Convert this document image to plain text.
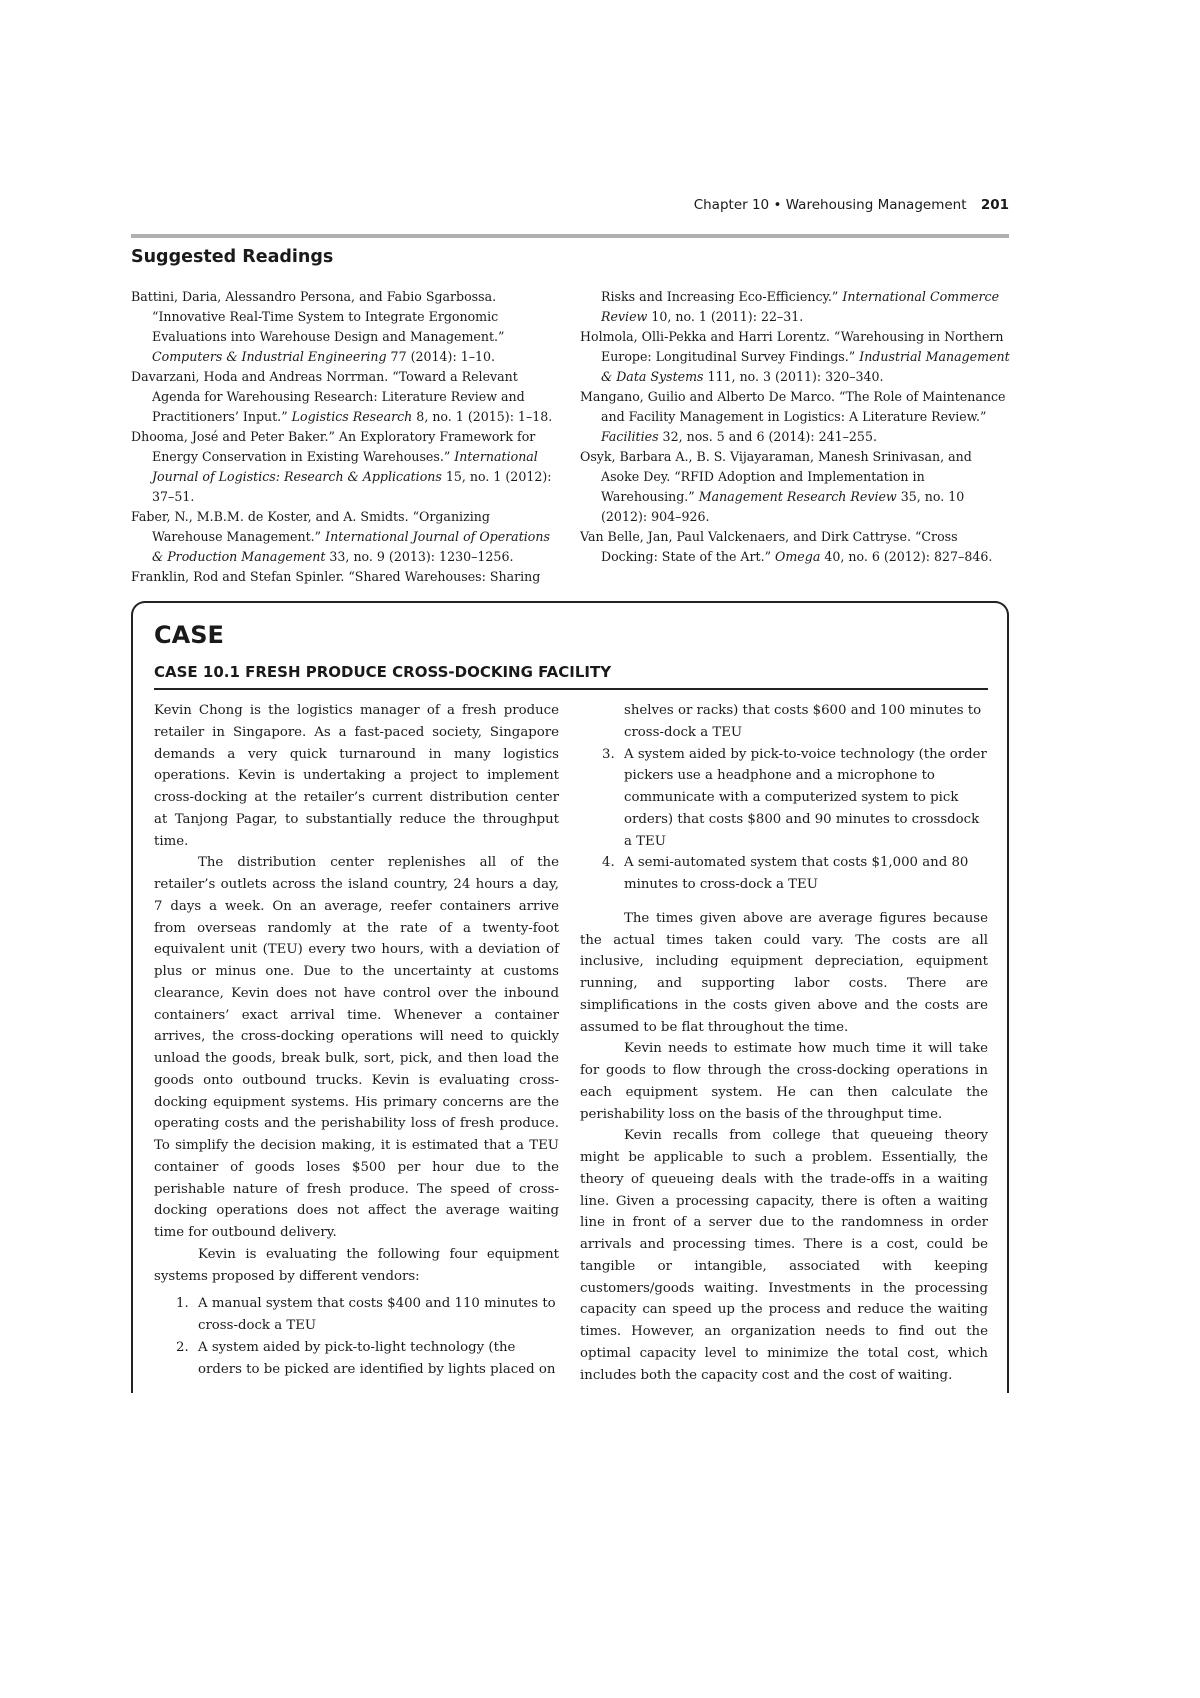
Chapter 10 • Warehousing Management 201
Suggested Readings
Battini, Daria, Alessandro Persona, and Fabio Sgarbossa. “Innovative Real-Time System to Integrate Ergonomic Evaluations into Warehouse Design and Management.” Computers & Industrial Engineering 77 (2014): 1–10.
Davarzani, Hoda and Andreas Norrman. “Toward a Relevant Agenda for Warehousing Research: Literature Review and Practitioners’ Input.” Logistics Research 8, no. 1 (2015): 1–18.
Dhooma, José and Peter Baker.” An Exploratory Framework for Energy Conservation in Existing Warehouses.” International Journal of Logistics: Research & Applications 15, no. 1 (2012): 37–51.
Faber, N., M.B.M. de Koster, and A. Smidts. “Organizing Warehouse Management.” International Journal of Operations & Production Management 33, no. 9 (2013): 1230–1256.
Franklin, Rod and Stefan Spinler. “Shared Warehouses: Sharing
Risks and Increasing Eco-Efficiency.” International Commerce Review 10, no. 1 (2011): 22–31.
Holmola, Olli-Pekka and Harri Lorentz. “Warehousing in Northern Europe: Longitudinal Survey Findings.” Industrial Management & Data Systems 111, no. 3 (2011): 320–340.
Mangano, Guilio and Alberto De Marco. “The Role of Maintenance and Facility Management in Logistics: A Literature Review.” Facilities 32, nos. 5 and 6 (2014): 241–255.
Osyk, Barbara A., B. S. Vijayaraman, Manesh Srinivasan, and Asoke Dey. “RFID Adoption and Implementation in Warehousing.” Management Research Review 35, no. 10 (2012): 904–926.
Van Belle, Jan, Paul Valckenaers, and Dirk Cattryse. “Cross Docking: State of the Art.” Omega 40, no. 6 (2012): 827–846.
CASE
CASE 10.1 FRESH PRODUCE CROSS-DOCKING FACILITY

Kevin Chong is the logistics manager of a fresh produce retailer in Singapore. As a fast-paced society, Singapore demands a very quick turnaround in many logistics operations. Kevin is undertaking a project to implement cross-docking at the retailer’s current distribution center at Tanjong Pagar, to substantially reduce the throughput time.

The distribution center replenishes all of the retailer’s outlets across the island country, 24 hours a day, 7 days a week. On an average, reefer containers arrive from overseas randomly at the rate of a twenty-foot equivalent unit (TEU) every two hours, with a deviation of plus or minus one. Due to the uncertainty at customs clearance, Kevin does not have control over the inbound containers’ exact arrival time. Whenever a container arrives, the cross-docking operations will need to quickly unload the goods, break bulk, sort, pick, and then load the goods onto outbound trucks. Kevin is evaluating cross-docking equipment systems. His primary concerns are the operating costs and the perishability loss of fresh produce. To simplify the decision making, it is estimated that a TEU container of goods loses $500 per hour due to the perishable nature of fresh produce. The speed of cross-docking operations does not affect the average waiting time for outbound delivery.

Kevin is evaluating the following four equipment systems proposed by different vendors:

1. A manual system that costs $400 and 110 minutes to cross-dock a TEU
2. A system aided by pick-to-light technology (the orders to be picked are identified by lights placed on
shelves or racks) that costs $600 and 100 minutes to cross-dock a TEU
3. A system aided by pick-to-voice technology (the order pickers use a headphone and a microphone to communicate with a computerized system to pick orders) that costs $800 and 90 minutes to crossdock a TEU
4. A semi-automated system that costs $1,000 and 80 minutes to cross-dock a TEU

The times given above are average figures because the actual times taken could vary. The costs are all inclusive, including equipment depreciation, equipment running, and supporting labor costs. There are simplifications in the costs given above and the costs are assumed to be flat throughout the time.

Kevin needs to estimate how much time it will take for goods to flow through the cross-docking operations in each equipment system. He can then calculate the perishability loss on the basis of the throughput time.

Kevin recalls from college that queueing theory might be applicable to such a problem. Essentially, the theory of queueing deals with the trade-offs in a waiting line. Given a processing capacity, there is often a waiting line in front of a server due to the randomness in order arrivals and processing times. There is a cost, could be tangible or intangible, associated with keeping customers/goods waiting. Investments in the processing capacity can speed up the process and reduce the waiting times. However, an organization needs to find out the optimal capacity level to minimize the total cost, which includes both the capacity cost and the cost of waiting.
